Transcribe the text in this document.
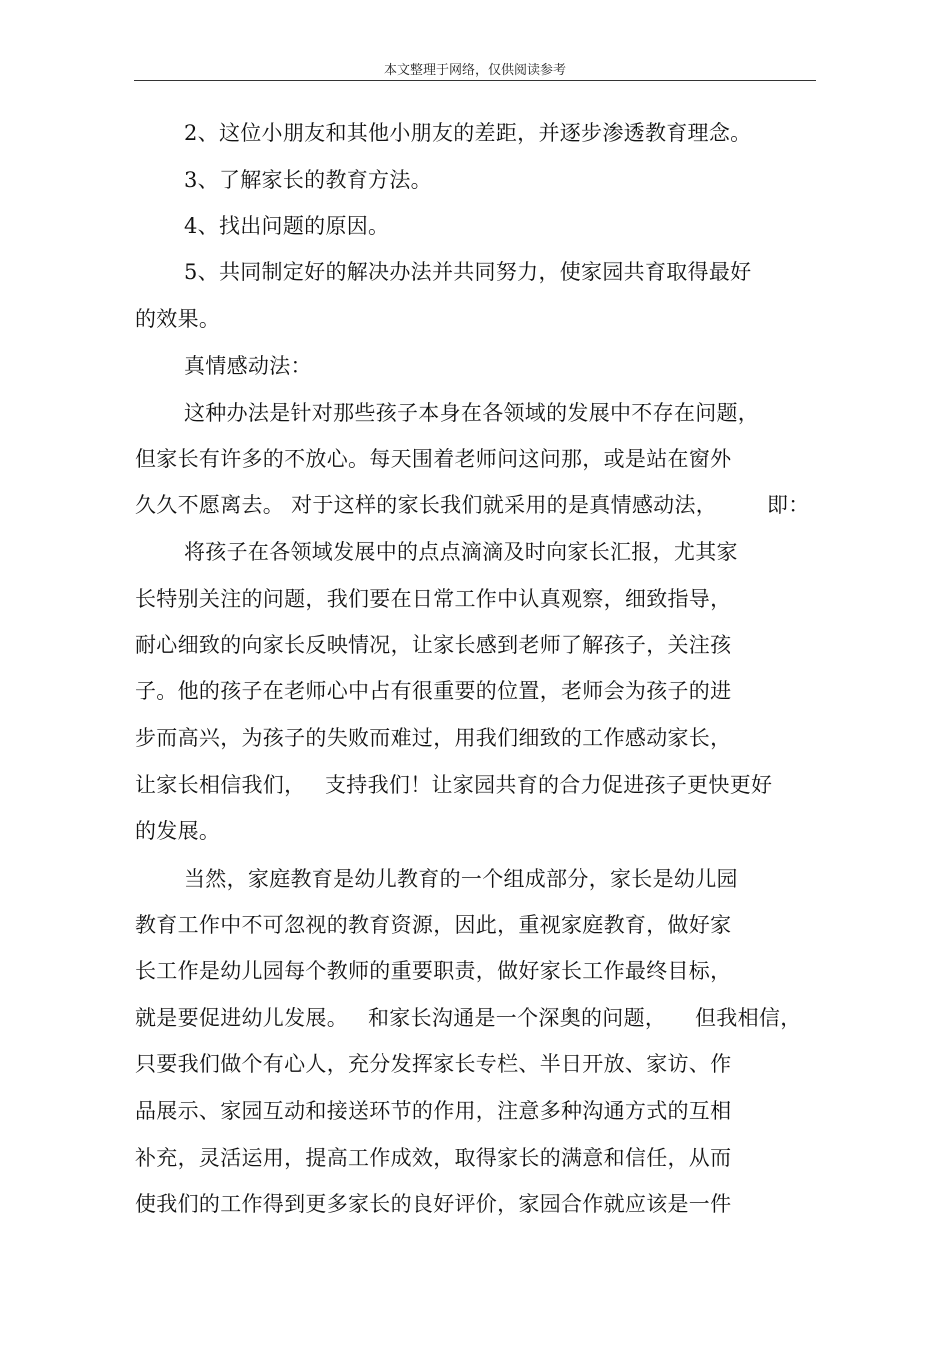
本文整理于网络，仅供阅读参考
2、这位小朋友和其他小朋友的差距，并逐步渗透教育理念。
3、了解家长的教育方法。
4、找出问题的原因。
5、共同制定好的解决办法并共同努力，使家园共育取得最好
的效果。
真情感动法：
这种办法是针对那些孩子本身在各领域的发展中不存在问题，
但家长有许多的不放心。每天围着老师问这问那，或是站在窗外
久久不愿离去。 对于这样的家长我们就采用的是真情感动法，	即：
将孩子在各领域发展中的点点滴滴及时向家长汇报，尤其家
长特别关注的问题，我们要在日常工作中认真观察，细致指导，
耐心细致的向家长反映情况，让家长感到老师了解孩子，关注孩
子。他的孩子在老师心中占有很重要的位置，老师会为孩子的进
步而高兴，为孩子的失败而难过，用我们细致的工作感动家长，
让家长相信我们， 支持我们！让家园共育的合力促进孩子更快更好
的发展。
当然，家庭教育是幼儿教育的一个组成部分，家长是幼儿园
教育工作中不可忽视的教育资源，因此，重视家庭教育，做好家
长工作是幼儿园每个教师的重要职责，做好家长工作最终目标，
就是要促进幼儿发展。 和家长沟通是一个深奥的问题，	但我相信，
只要我们做个有心人，充分发挥家长专栏、半日开放、家访、作
品展示、家园互动和接送环节的作用，注意多种沟通方式的互相
补充，灵活运用，提高工作成效，取得家长的满意和信任，从而
使我们的工作得到更多家长的良好评价，家园合作就应该是一件
